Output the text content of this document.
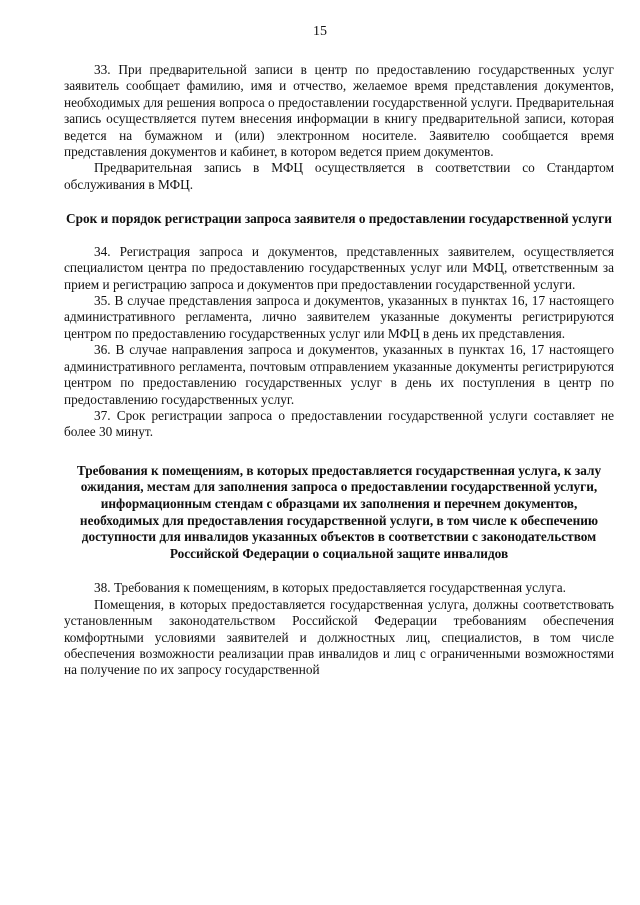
15

33. При предварительной записи в центр по предоставлению государственных услуг заявитель сообщает фамилию, имя и отчество, желаемое время представления документов, необходимых для решения вопроса о предоставлении государственной услуги. Предварительная запись осуществляется путем внесения информации в книгу предварительной записи, которая ведется на бумажном и (или) электронном носителе. Заявителю сообщается время представления документов и кабинет, в котором ведется прием документов.

Предварительная запись в МФЦ осуществляется в соответствии со Стандартом обслуживания в МФЦ.

Срок и порядок регистрации запроса заявителя о предоставлении государственной услуги

34. Регистрация запроса и документов, представленных заявителем, осуществляется специалистом центра по предоставлению государственных услуг или МФЦ, ответственным за прием и регистрацию запроса и документов при предоставлении государственной услуги.

35. В случае представления запроса и документов, указанных в пунктах 16, 17 настоящего административного регламента, лично заявителем указанные документы регистрируются центром по предоставлению государственных услуг или МФЦ в день их представления.

36. В случае направления запроса и документов, указанных в пунктах 16, 17 настоящего административного регламента, почтовым отправлением указанные документы регистрируются центром по предоставлению государственных услуг в день их поступления в центр по предоставлению государственных услуг.

37. Срок регистрации запроса о предоставлении государственной услуги составляет не более 30 минут.

Требования к помещениям, в которых предоставляется государственная услуга, к залу ожидания, местам для заполнения запроса о предоставлении государственной услуги, информационным стендам с образцами их заполнения и перечнем документов, необходимых для предоставления государственной услуги, в том числе к обеспечению доступности для инвалидов указанных объектов в соответствии с законодательством Российской Федерации о социальной защите инвалидов

38. Требования к помещениям, в которых предоставляется государственная услуга.

Помещения, в которых предоставляется государственная услуга, должны соответствовать установленным законодательством Российской Федерации требованиям обеспечения комфортными условиями заявителей и должностных лиц, специалистов, в том числе обеспечения возможности реализации прав инвалидов и лиц с ограниченными возможностями на получение по их запросу государственной
